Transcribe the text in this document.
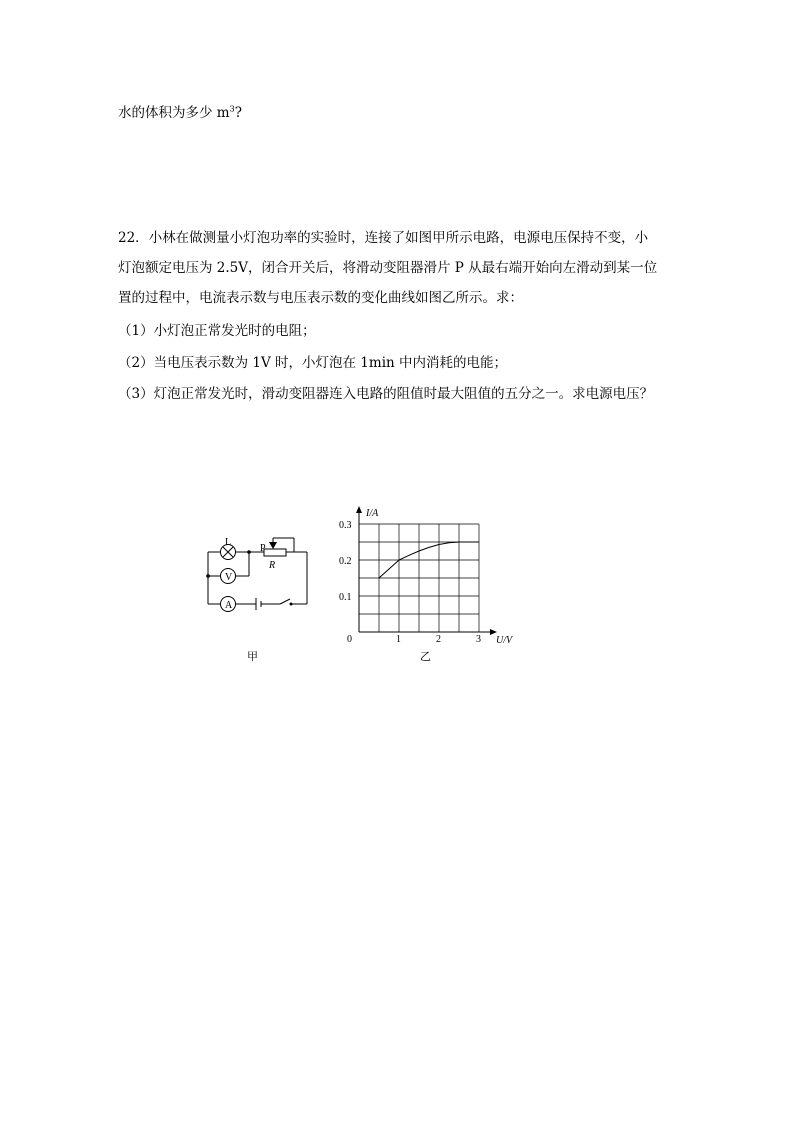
水的体积为多少 $m^3$?
22．小林在做测量小灯泡功率的实验时，连接了如图甲所示电路，电源电压保持不变，小
灯泡额定电压为 2.5V，闭合开关后，将滑动变阻器滑片 P 从最右端开始向左滑动到某一位
置的过程中，电流表示数与电压表示数的变化曲线如图乙所示。求：
（1）小灯泡正常发光时的电阻；
（2）当电压表示数为 1V 时，小灯泡在 1min 中内消耗的电能；
（3）灯泡正常发光时，滑动变阻器连入电路的阻值时最大阻值的五分之一。求电源电压？
L
V
A
P
R
甲
0	1	2	3
0.1
0.2
0.3
U/V
I/A
乙
